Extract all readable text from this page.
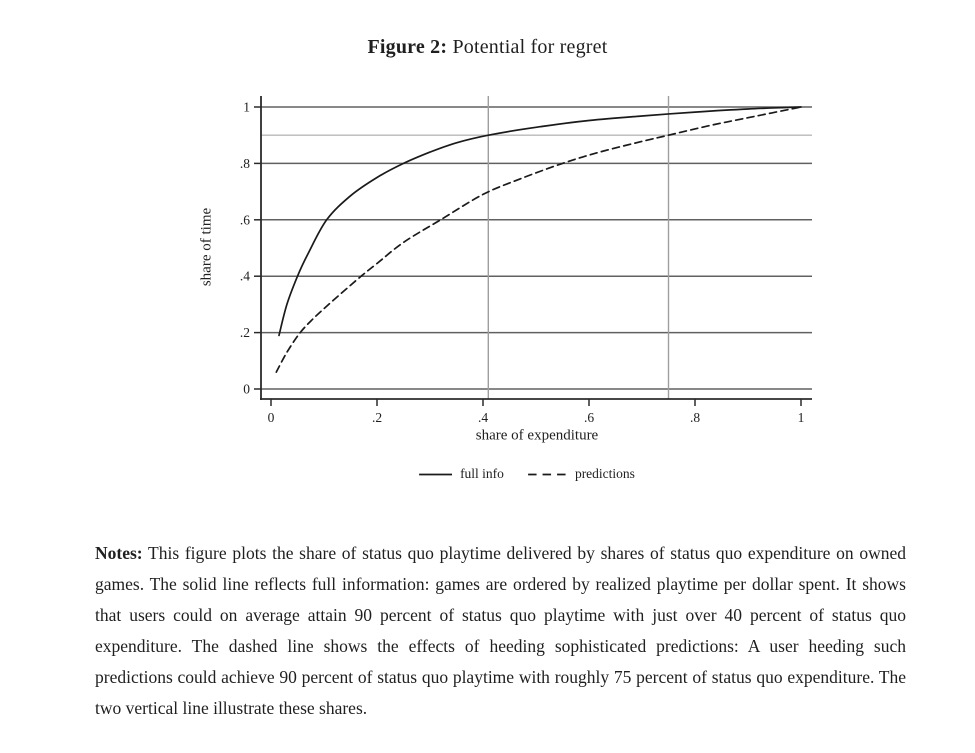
Figure 2: Potential for regret
0
.2
.4
.6
.8
1
0	.2	.4	.6	.8	1
share of time
share of expenditure
full info	predictions
Notes: This figure plots the share of status quo playtime delivered by shares of status quo expenditure on owned games. The solid line reflects full information: games are ordered by realized playtime per dollar spent. It shows that users could on average attain 90 percent of status quo playtime with just over 40 percent of status quo expenditure. The dashed line shows the effects of heeding sophisticated predictions: A user heeding such predictions could achieve 90 percent of status quo playtime with roughly 75 percent of status quo expenditure. The two vertical line illustrate these shares.
